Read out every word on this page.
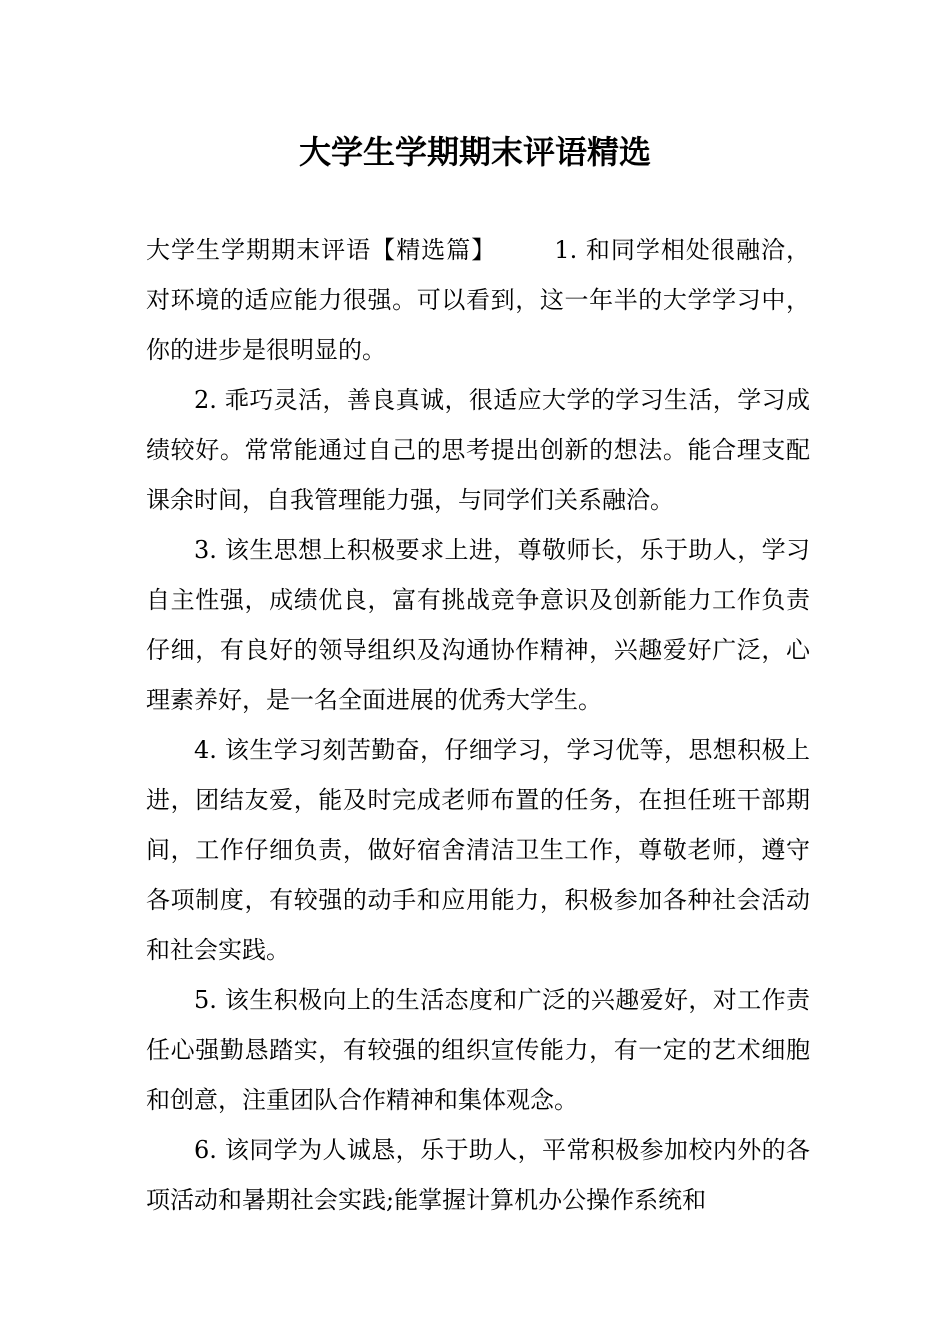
大学生学期期末评语精选

大学生学期期末评语【精选篇】 1. 和同学相处很融洽，对环境的适应能力很强。可以看到，这一年半的大学学习中，你的进步是很明显的。

2. 乖巧灵活，善良真诚，很适应大学的学习生活，学习成绩较好。常常能通过自己的思考提出创新的想法。能合理支配课余时间，自我管理能力强，与同学们关系融洽。

3. 该生思想上积极要求上进，尊敬师长，乐于助人，学习自主性强，成绩优良，富有挑战竞争意识及创新能力工作负责仔细，有良好的领导组织及沟通协作精神，兴趣爱好广泛，心理素养好，是一名全面进展的优秀大学生。

4. 该生学习刻苦勤奋，仔细学习，学习优等，思想积极上进，团结友爱，能及时完成老师布置的任务，在担任班干部期间，工作仔细负责，做好宿舍清洁卫生工作，尊敬老师，遵守各项制度，有较强的动手和应用能力，积极参加各种社会活动和社会实践。

5. 该生积极向上的生活态度和广泛的兴趣爱好，对工作责任心强勤恳踏实，有较强的组织宣传能力，有一定的艺术细胞和创意，注重团队合作精神和集体观念。

6. 该同学为人诚恳，乐于助人，平常积极参加校内外的各项活动和暑期社会实践;能掌握计算机办公操作系统和
